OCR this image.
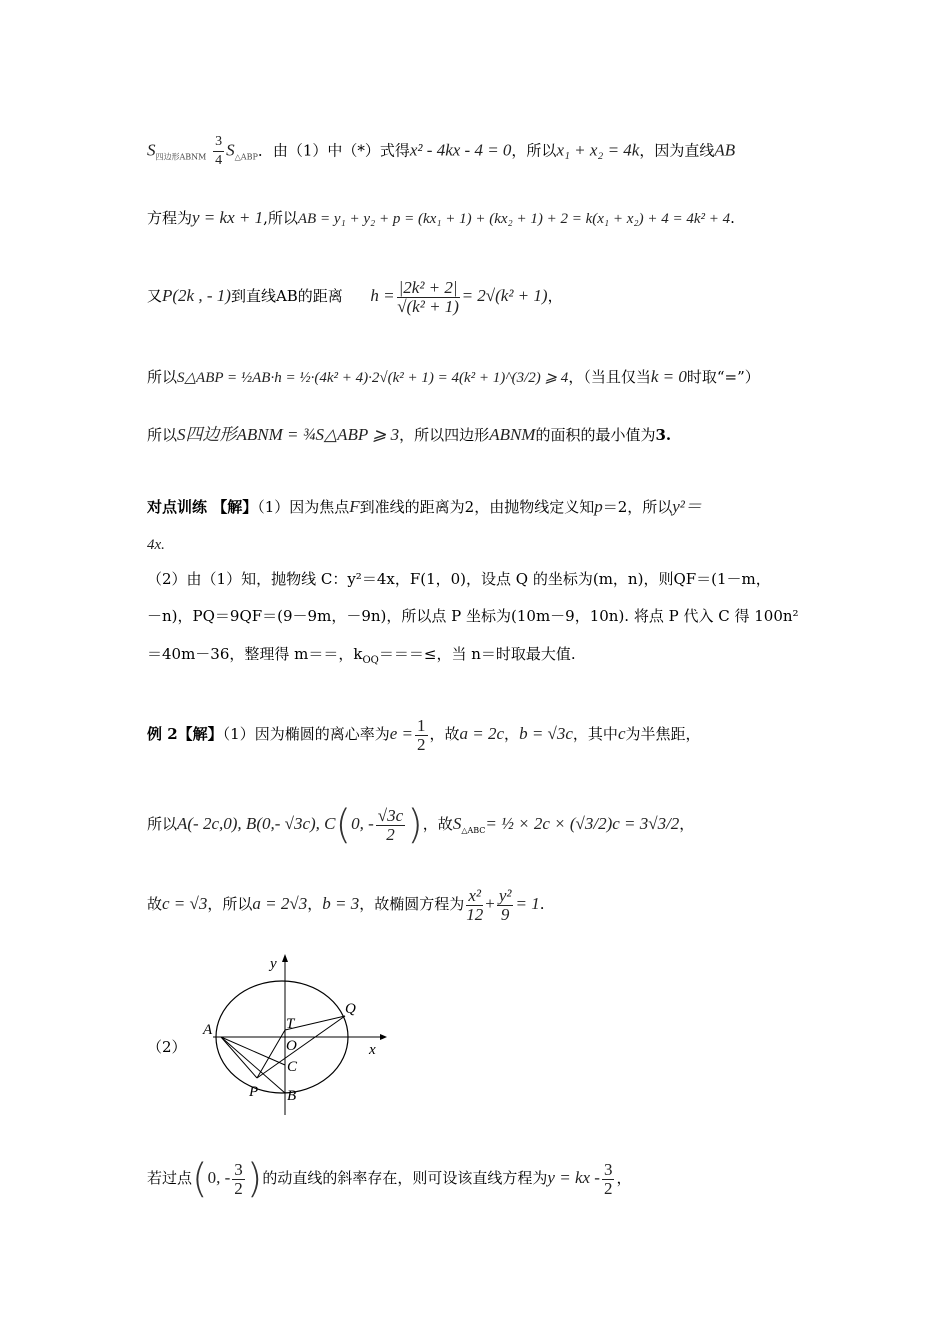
$S_{四边形ABNM} \frac{3}{4} S_{\triangle ABP}$．由（1）中（*）式得x² - 4kx - 4 = 0，所以x₁ + x₂ = 4k，因为直线AB
方程为y = kx + 1,所以AB = y₁ + y₂ + p = (kx₁ + 1) + (kx₂ + 1) + 2 = k(x₁ + x₂) + 4 = 4k² + 4.
又P(2k , - 1)到直线AB的距离 $h = \frac{\text{|2k² + 2|}}{\text{√(k² + 1)}} = 2√(k^2 + 1)$，
所以S△ABP = ½AB·h = ½·(4k² + 4)·2√(k² + 1) = 4(k² + 1)^(3/2) ⩾ 4，（当且仅当k = 0时取“=”）
所以S四边形ABNM = ¾S△ABP ⩾ 3，所以四边形ABNM的面积的最小值为3.
对点训练 【解】（1）因为焦点F到准线的距离为2，由抛物线定义知p＝2，所以y²＝
4x.
（2）由（1）知，抛物线 C：y²＝4x，F(1，0)，设点 Q 的坐标为(m，n)，则QF＝(1－m，
－n)，PQ＝9QF＝(9－9m，－9n)，所以点 P 坐标为(10m－9，10n). 将点 P 代入 C 得 100n²
＝40m－36，整理得 m＝＝，$k_{OQ}===\le$，当 n＝时取最大值.
例 2【解】（1）因为椭圆的离心率为$e = \frac{1}{2}$ ，故a = 2c，b = √3c，其中c为半焦距，
所以A(- 2c,0), B(0,- √3c), C(0, - $\frac{√3c}{2}$ )，故$S_{\triangle ABC}=$ ½ × 2c × (√3/2)c = 3√3/2，
故c = √3，所以a = 2√3，b = 3，故椭圆方程为 $\frac{\text{x²}}{12} + \frac{\text{y²}}{9} = 1$.
（2）
y
x
Q
A	T
O
C
P B
若过点(0, - $\frac{3}{2}$ )的动直线的斜率存在，则可设该直线方程为y = kx - $\frac{3}{2}$ ，
